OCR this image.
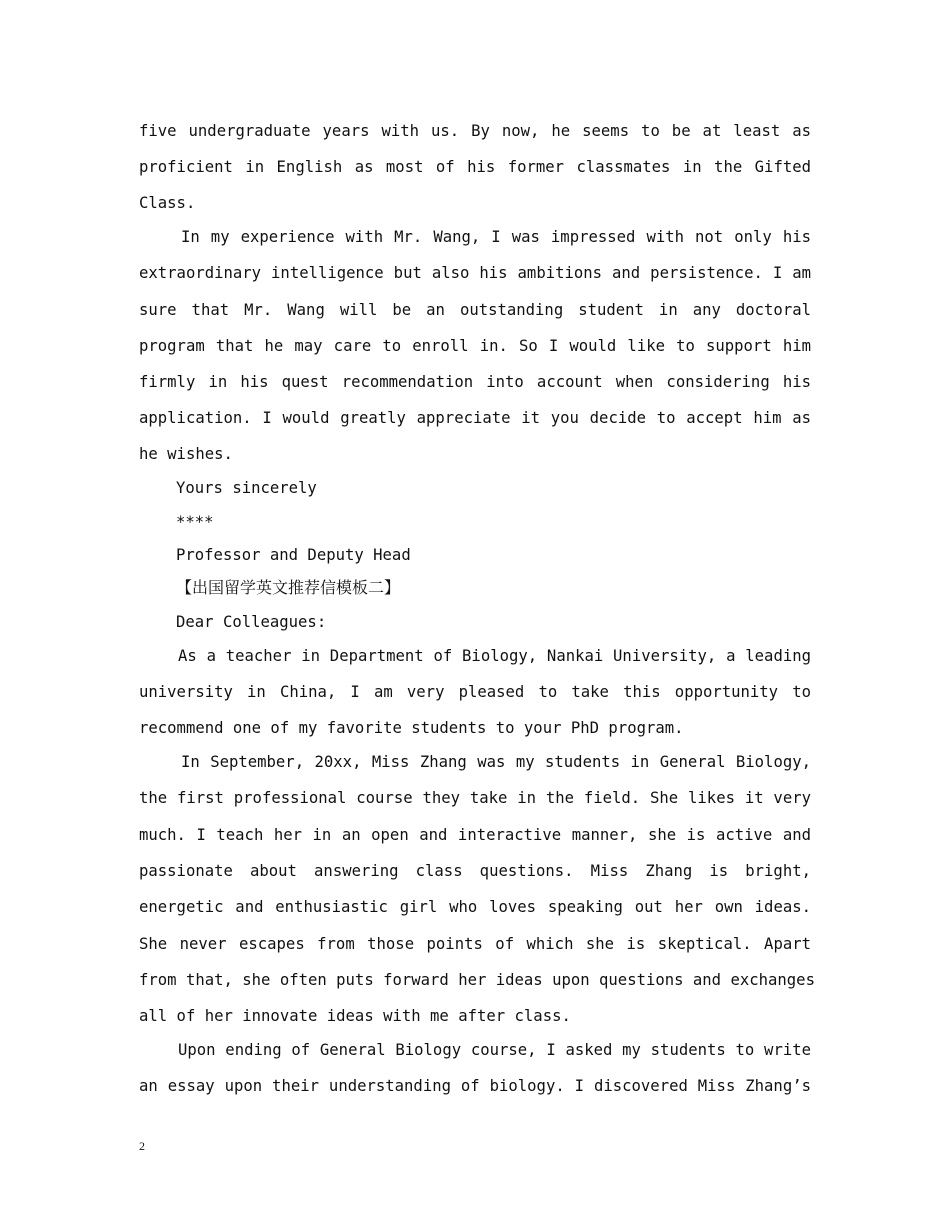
five undergraduate years with us. By now, he seems to be at least as
proficient in English as most of his former classmates in the Gifted
Class.
In my experience with Mr. Wang, I was impressed with not only his
extraordinary intelligence but also his ambitions and persistence. I am
sure that Mr. Wang will be an outstanding student in any doctoral
program that he may care to enroll in. So I would like to support him
firmly in his quest recommendation into account when considering his
application. I would greatly appreciate it you decide to accept him as
he wishes.
Yours sincerely
****
Professor and Deputy Head
【出国留学英文推荐信模板二】
Dear Colleagues:
As a teacher in Department of Biology, Nankai University, a leading
university in China, I am very pleased to take this opportunity to
recommend one of my favorite students to your PhD program.
In September, 20xx, Miss Zhang was my students in General Biology,
the first professional course they take in the field. She likes it very
much. I teach her in an open and interactive manner, she is active and
passionate about answering class questions. Miss Zhang is bright,
energetic and enthusiastic girl who loves speaking out her own ideas.
She never escapes from those points of which she is skeptical. Apart
from that, she often puts forward her ideas upon questions and exchanges
all of her innovate ideas with me after class.
Upon ending of General Biology course, I asked my students to write
an essay upon their understanding of biology. I discovered Miss Zhang’s
2
